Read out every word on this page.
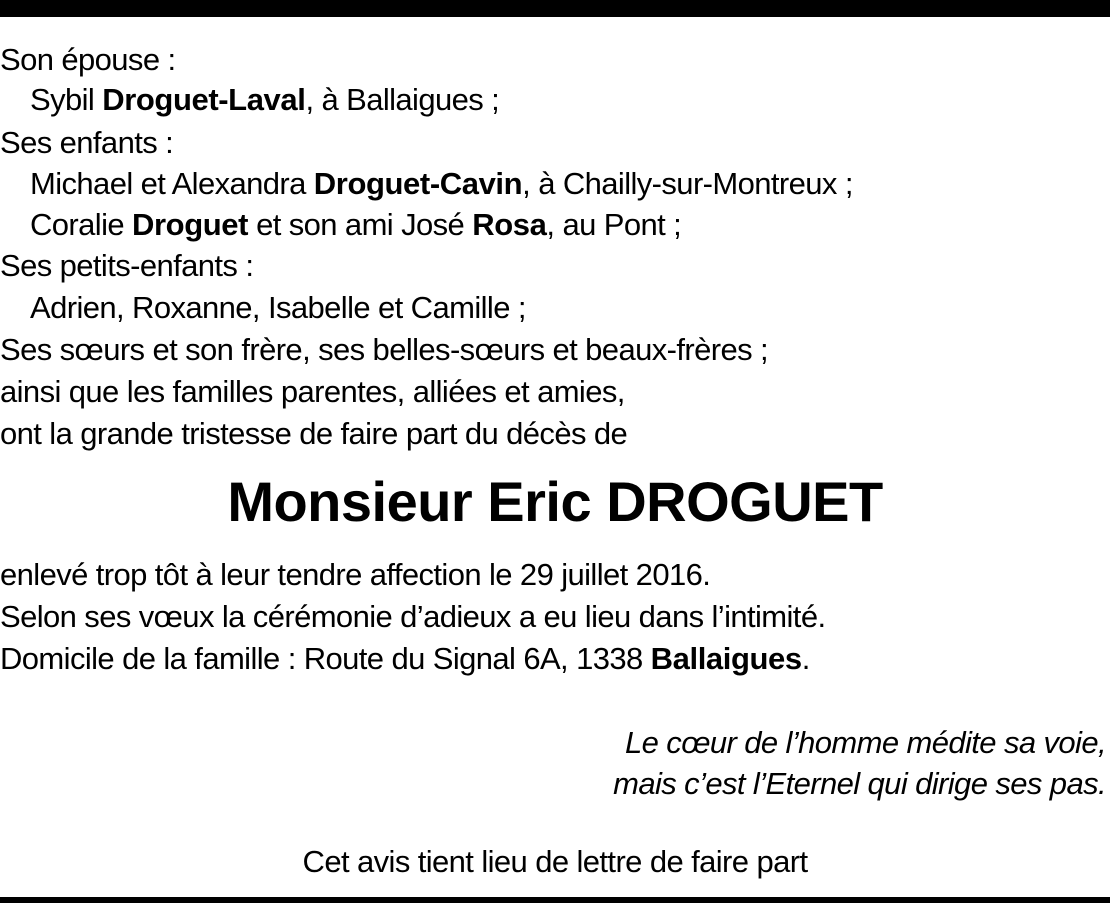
Son épouse :
Sybil Droguet-Laval, à Ballaigues ;
Ses enfants :
Michael et Alexandra Droguet-Cavin, à Chailly-sur-Montreux ;
Coralie Droguet et son ami José Rosa, au Pont ;
Ses petits-enfants :
Adrien, Roxanne, Isabelle et Camille ;
Ses sœurs et son frère, ses belles-sœurs et beaux-frères ;
ainsi que les familles parentes, alliées et amies,
ont la grande tristesse de faire part du décès de
Monsieur Eric DROGUET
enlevé trop tôt à leur tendre affection le 29 juillet 2016.
Selon ses vœux la cérémonie d’adieux a eu lieu dans l’intimité.
Domicile de la famille : Route du Signal 6A, 1338 Ballaigues.
Le cœur de l’homme médite sa voie,
mais c’est l’Eternel qui dirige ses pas.
Cet avis tient lieu de lettre de faire part
